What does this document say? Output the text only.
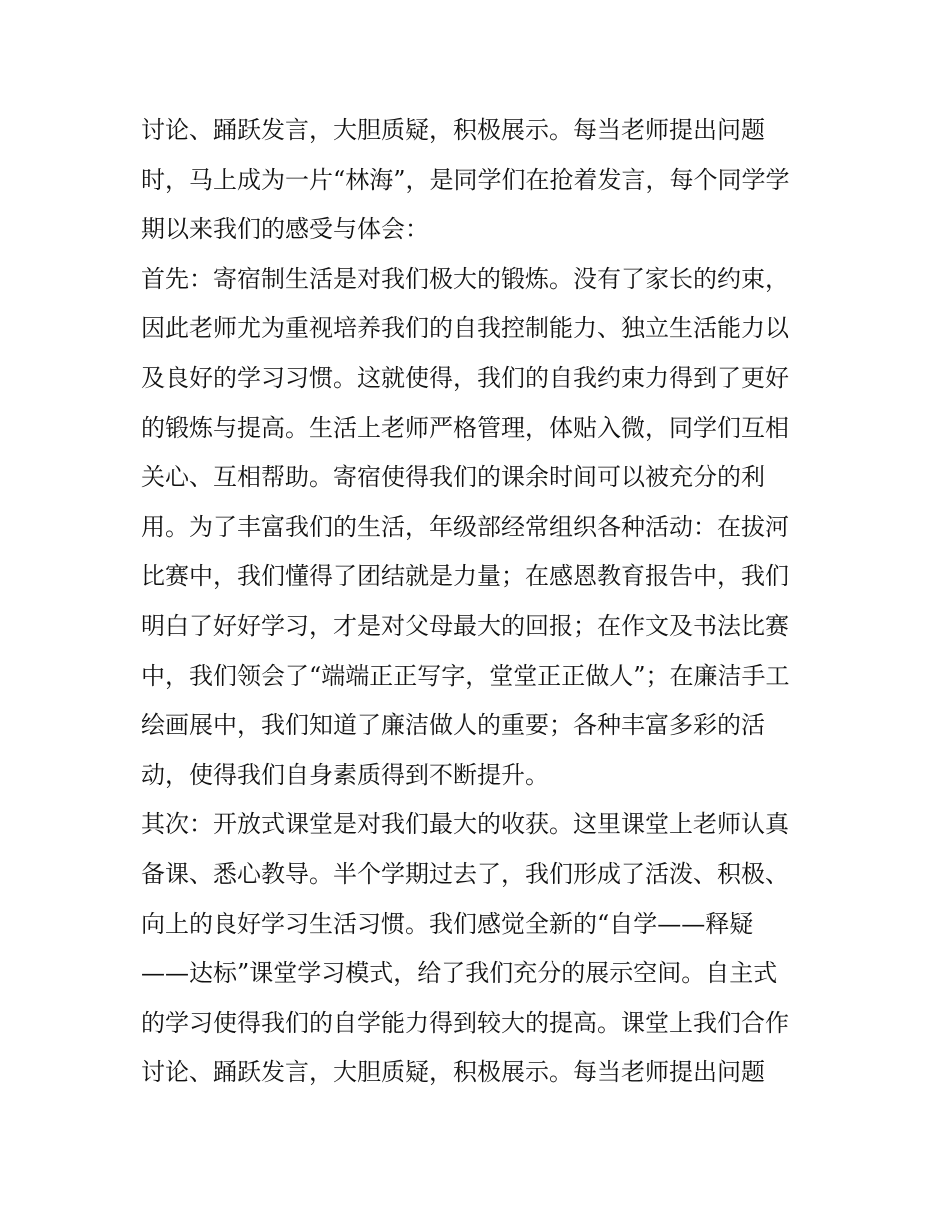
讨论、踊跃发言，大胆质疑，积极展示。每当老师提出问题
时，马上成为一片“林海”，是同学们在抢着发言，每个同学学
期以来我们的感受与体会：
首先：寄宿制生活是对我们极大的锻炼。没有了家长的约束，
因此老师尤为重视培养我们的自我控制能力、独立生活能力以
及良好的学习习惯。这就使得，我们的自我约束力得到了更好
的锻炼与提高。生活上老师严格管理，体贴入微，同学们互相
关心、互相帮助。寄宿使得我们的课余时间可以被充分的利
用。为了丰富我们的生活，年级部经常组织各种活动：在拔河
比赛中，我们懂得了团结就是力量；在感恩教育报告中，我们
明白了好好学习，才是对父母最大的回报；在作文及书法比赛
中，我们领会了“端端正正写字，堂堂正正做人”；在廉洁手工
绘画展中，我们知道了廉洁做人的重要；各种丰富多彩的活
动，使得我们自身素质得到不断提升。
其次：开放式课堂是对我们最大的收获。这里课堂上老师认真
备课、悉心教导。半个学期过去了，我们形成了活泼、积极、
向上的良好学习生活习惯。我们感觉全新的“自学——释疑
——达标”课堂学习模式，给了我们充分的展示空间。自主式
的学习使得我们的自学能力得到较大的提高。课堂上我们合作
讨论、踊跃发言，大胆质疑，积极展示。每当老师提出问题
